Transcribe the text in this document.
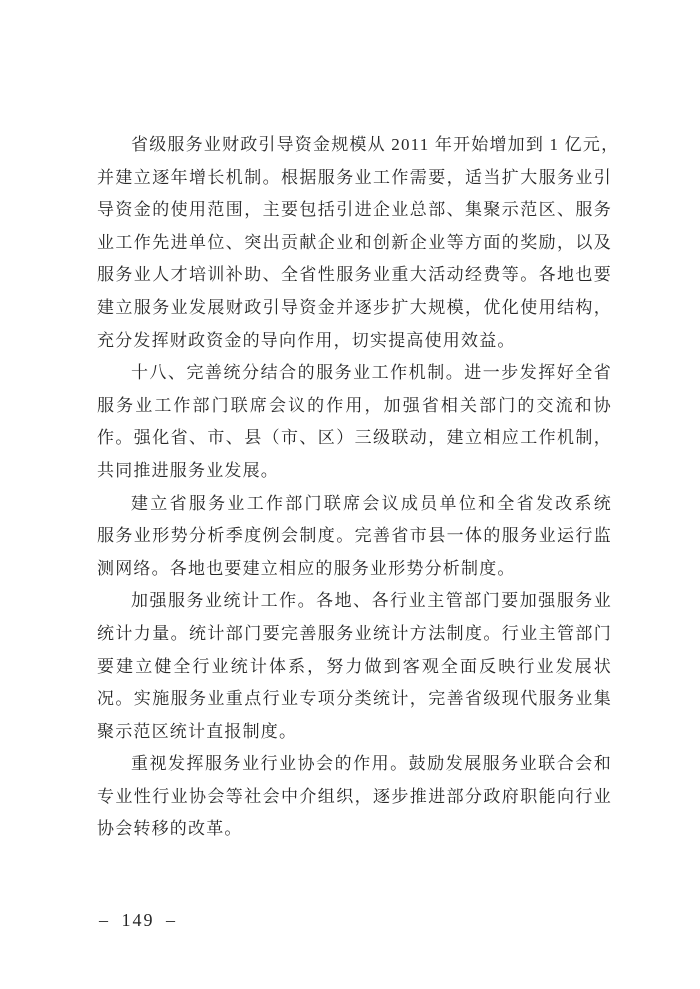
省级服务业财政引导资金规模从 2011 年开始增加到 1 亿元，
并建立逐年增长机制。根据服务业工作需要，适当扩大服务业引
导资金的使用范围，主要包括引进企业总部、集聚示范区、服务
业工作先进单位、突出贡献企业和创新企业等方面的奖励，以及
服务业人才培训补助、全省性服务业重大活动经费等。各地也要
建立服务业发展财政引导资金并逐步扩大规模，优化使用结构，
充分发挥财政资金的导向作用，切实提高使用效益。
十八、完善统分结合的服务业工作机制。进一步发挥好全省
服务业工作部门联席会议的作用，加强省相关部门的交流和协
作。强化省、市、县（市、区）三级联动，建立相应工作机制，
共同推进服务业发展。
建立省服务业工作部门联席会议成员单位和全省发改系统
服务业形势分析季度例会制度。完善省市县一体的服务业运行监
测网络。各地也要建立相应的服务业形势分析制度。
加强服务业统计工作。各地、各行业主管部门要加强服务业
统计力量。统计部门要完善服务业统计方法制度。行业主管部门
要建立健全行业统计体系，努力做到客观全面反映行业发展状
况。实施服务业重点行业专项分类统计，完善省级现代服务业集
聚示范区统计直报制度。
重视发挥服务业行业协会的作用。鼓励发展服务业联合会和
专业性行业协会等社会中介组织，逐步推进部分政府职能向行业
协会转移的改革。
– 149 –
